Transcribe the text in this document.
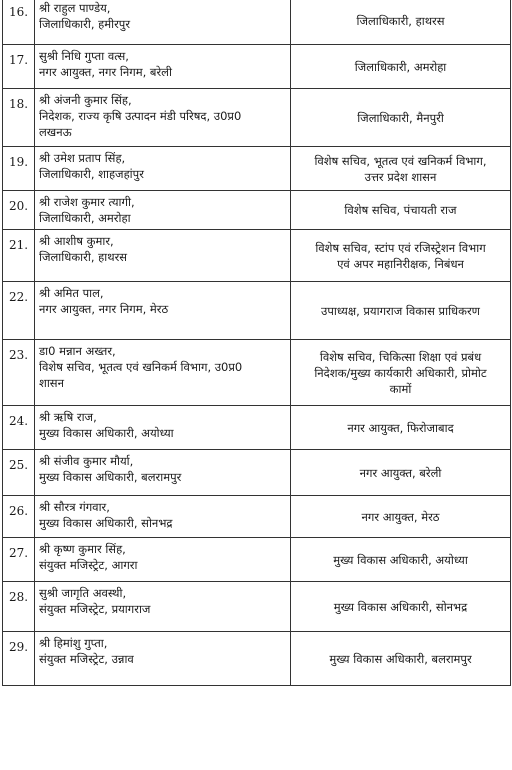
16.	श्री राहुल पाण्डेय,
जिलाधिकारी, हमीरपुर	जिलाधिकारी, हाथरस

17.	सुश्री निधि गुप्ता वत्स,
नगर आयुक्त, नगर निगम, बरेली	जिलाधिकारी, अमरोहा

18.	श्री अंजनी कुमार सिंह,
निदेशक, राज्य कृषि उत्पादन मंडी परिषद, उ0प्र0
लखनऊ	जिलाधिकारी, मैनपुरी

19.	श्री उमेश प्रताप सिंह,
जिलाधिकारी, शाहजहांपुर	विशेष सचिव, भूतत्व एवं खनिकर्म विभाग,
उत्तर प्रदेश शासन

20.	श्री राजेश कुमार त्यागी,
जिलाधिकारी, अमरोहा	विशेष सचिव, पंचायती राज

21.	श्री आशीष कुमार,
जिलाधिकारी, हाथरस	विशेष सचिव, स्टांप एवं रजिस्ट्रेशन विभाग
एवं अपर महानिरीक्षक, निबंधन

22.	श्री अमित पाल,
नगर आयुक्त, नगर निगम, मेरठ	उपाध्यक्ष, प्रयागराज विकास प्राधिकरण

23.	डा0 मन्नान अख्तर,
विशेष सचिव, भूतत्व एवं खनिकर्म विभाग, उ0प्र0
शासन	विशेष सचिव, चिकित्सा शिक्षा एवं प्रबंध
निदेशक/मुख्य कार्यकारी अधिकारी, प्रोमोट
कामों

24.	श्री ऋषि राज,
मुख्य विकास अधिकारी, अयोध्या	नगर आयुक्त, फिरोजाबाद

25.	श्री संजीव कुमार मौर्या,
मुख्य विकास अधिकारी, बलरामपुर	नगर आयुक्त, बरेली

26.	श्री सौरत्र गंगवार,
मुख्य विकास अधिकारी, सोनभद्र	नगर आयुक्त, मेरठ

27.	श्री कृष्ण कुमार सिंह,
संयुक्त मजिस्ट्रेट, आगरा	मुख्य विकास अधिकारी, अयोध्या

28.	सुश्री जागृति अवस्थी,
संयुक्त मजिस्ट्रेट, प्रयागराज	मुख्य विकास अधिकारी, सोनभद्र

29.	श्री हिमांशु गुप्ता,
संयुक्त मजिस्ट्रेट, उन्नाव	मुख्य विकास अधिकारी, बलरामपुर
